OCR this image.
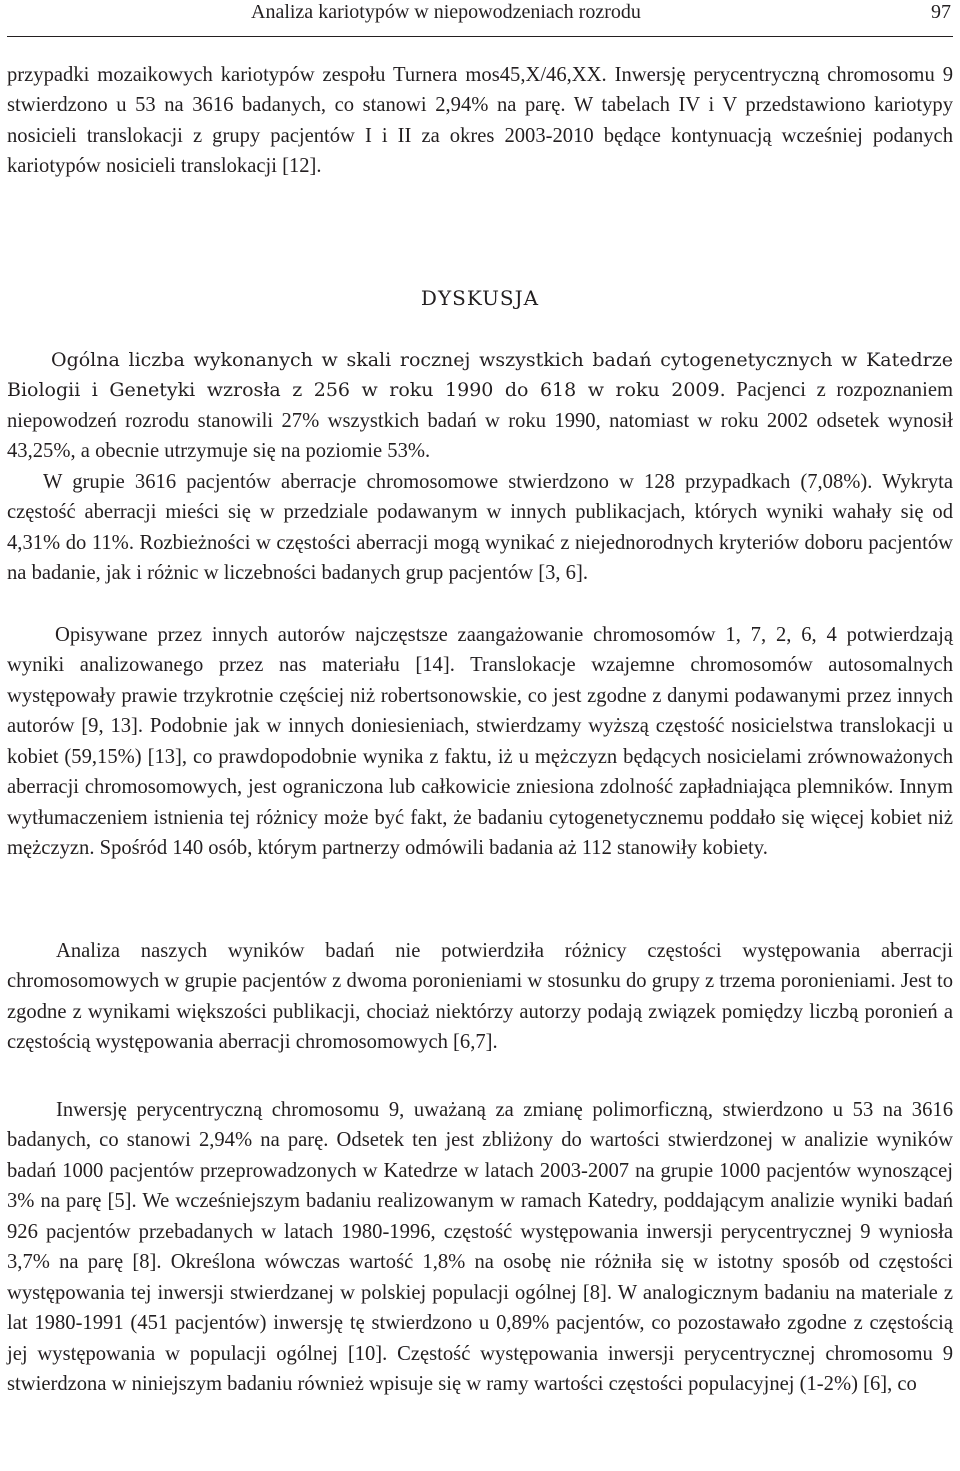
Analiza kariotypów w niepowodzeniach rozrodu	97

przypadki mozaikowych kariotypów zespołu Turnera mos45,X/46,XX. Inwersję perycentryczną chromosomu 9 stwierdzono u 53 na 3616 badanych, co stanowi 2,94% na parę. W tabelach IV i V przedstawiono kariotypy nosicieli translokacji z grupy pacjentów I i II za okres 2003-2010 będące kontynuacją wcześniej podanych kariotypów nosicieli translokacji [12].

DYSKUSJA

Ogólna liczba wykonanych w skali rocznej wszystkich badań cytogenetycznych w Katedrze Biologii i Genetyki wzrosła z 256 w roku 1990 do 618 w roku 2009. Pacjenci z rozpoznaniem niepowodzeń rozrodu stanowili 27% wszystkich badań w roku 1990, natomiast w roku 2002 odsetek wynosił 43,25%, a obecnie utrzymuje się na poziomie 53%.

W grupie 3616 pacjentów aberracje chromosomowe stwierdzono w 128 przypadkach (7,08%). Wykryta częstość aberracji mieści się w przedziale podawanym w innych publikacjach, których wyniki wahały się od 4,31% do 11%. Rozbieżności w częstości aberracji mogą wynikać z niejednorodnych kryteriów doboru pacjentów na badanie, jak i różnic w liczebności badanych grup pacjentów [3, 6].

Opisywane przez innych autorów najczęstsze zaangażowanie chromosomów 1, 7, 2, 6, 4 potwierdzają wyniki analizowanego przez nas materiału [14]. Translokacje wzajemne chromosomów autosomalnych występowały prawie trzykrotnie częściej niż robertsonowskie, co jest zgodne z danymi podawanymi przez innych autorów [9, 13]. Podobnie jak w innych doniesieniach, stwierdzamy wyższą częstość nosicielstwa translokacji u kobiet (59,15%) [13], co prawdopodobnie wynika z faktu, iż u mężczyzn będących nosicielami zrównoważonych aberracji chromosomowych, jest ograniczona lub całkowicie zniesiona zdolność zapładniająca plemników. Innym wytłumaczeniem istnienia tej różnicy może być fakt, że badaniu cytogenetycznemu poddało się więcej kobiet niż mężczyzn. Spośród 140 osób, którym partnerzy odmówili badania aż 112 stanowiły kobiety.

Analiza naszych wyników badań nie potwierdziła różnicy częstości występowania aberracji chromosomowych w grupie pacjentów z dwoma poronieniami w stosunku do grupy z trzema poronieniami. Jest to zgodne z wynikami większości publikacji, chociaż niektórzy autorzy podają związek pomiędzy liczbą poronień a częstością występowania aberracji chromosomowych [6,7].

Inwersję perycentryczną chromosomu 9, uważaną za zmianę polimorficzną, stwierdzono u 53 na 3616 badanych, co stanowi 2,94% na parę. Odsetek ten jest zbliżony do wartości stwierdzonej w analizie wyników badań 1000 pacjentów przeprowadzonych w Katedrze w latach 2003-2007 na grupie 1000 pacjentów wynoszącej 3% na parę [5]. We wcześniejszym badaniu realizowanym w ramach Katedry, poddającym analizie wyniki badań 926 pacjentów przebadanych w latach 1980-1996, częstość występowania inwersji perycentrycznej 9 wyniosła 3,7% na parę [8]. Określona wówczas wartość 1,8% na osobę nie różniła się w istotny sposób od częstości występowania tej inwersji stwierdzanej w polskiej populacji ogólnej [8]. W analogicznym badaniu na materiale z lat 1980-1991 (451 pacjentów) inwersję tę stwierdzono u 0,89% pacjentów, co pozostawało zgodne z częstością jej występowania w populacji ogólnej [10]. Częstość występowania inwersji perycentrycznej chromosomu 9 stwierdzona w niniejszym badaniu również wpisuje się w ramy wartości częstości populacyjnej (1-2%) [6], co
